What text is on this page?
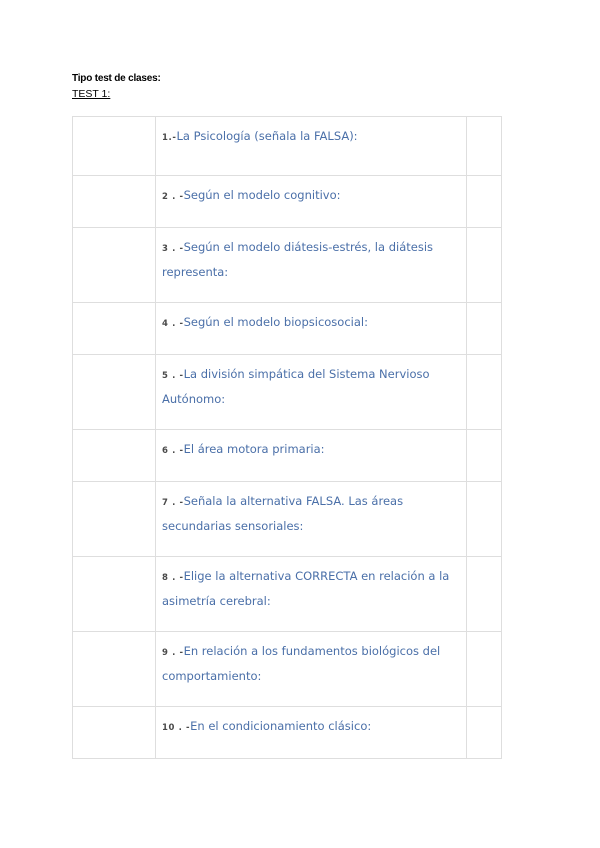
Tipo test de clases:
TEST 1:

	1.-La Psicología (señala la FALSA):	

	2 . -Según el modelo cognitivo:	

	3 . -Según el modelo diátesis-estrés, la diátesis representa:	

	4 . -Según el modelo biopsicosocial:	

	5 . -La división simpática del Sistema Nervioso Autónomo:	

	6 . -El área motora primaria:	

	7 . -Señala la alternativa FALSA. Las áreas secundarias sensoriales:	

	8 . -Elige la alternativa CORRECTA en relación a la asimetría cerebral:	

	9 . -En relación a los fundamentos biológicos del comportamiento:	

	10 . -En el condicionamiento clásico:	
